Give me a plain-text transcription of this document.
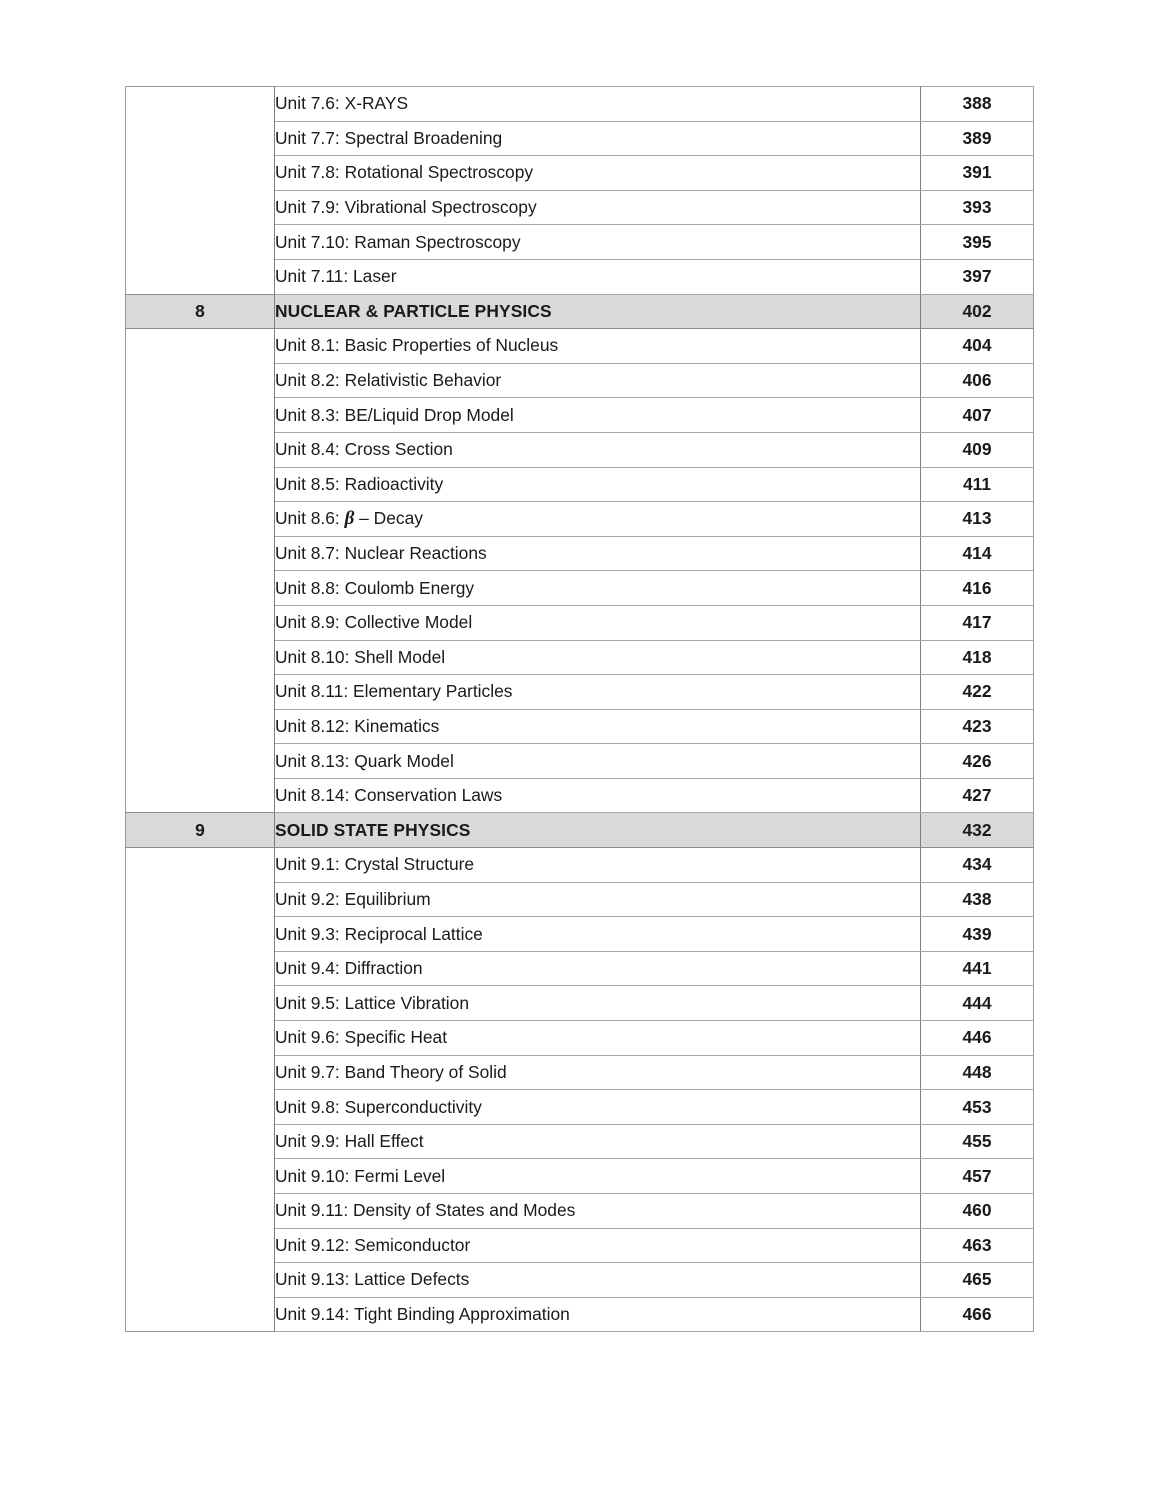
	Unit 7.6: X-RAYS	388
	Unit 7.7: Spectral Broadening	389
	Unit 7.8: Rotational Spectroscopy	391
	Unit 7.9: Vibrational Spectroscopy	393
	Unit 7.10: Raman Spectroscopy	395
	Unit 7.11: Laser	397
8	NUCLEAR & PARTICLE PHYSICS	402
	Unit 8.1: Basic Properties of Nucleus	404
	Unit 8.2: Relativistic Behavior	406
	Unit 8.3: BE/Liquid Drop Model	407
	Unit 8.4: Cross Section	409
	Unit 8.5: Radioactivity	411
	Unit 8.6: β – Decay	413
	Unit 8.7: Nuclear Reactions	414
	Unit 8.8: Coulomb Energy	416
	Unit 8.9: Collective Model	417
	Unit 8.10: Shell Model	418
	Unit 8.11: Elementary Particles	422
	Unit 8.12: Kinematics	423
	Unit 8.13: Quark Model	426
	Unit 8.14: Conservation Laws	427
9	SOLID STATE PHYSICS	432
	Unit 9.1: Crystal Structure	434
	Unit 9.2: Equilibrium	438
	Unit 9.3: Reciprocal Lattice	439
	Unit 9.4: Diffraction	441
	Unit 9.5: Lattice Vibration	444
	Unit 9.6: Specific Heat	446
	Unit 9.7: Band Theory of Solid	448
	Unit 9.8: Superconductivity	453
	Unit 9.9: Hall Effect	455
	Unit 9.10: Fermi Level	457
	Unit 9.11: Density of States and Modes	460
	Unit 9.12: Semiconductor	463
	Unit 9.13: Lattice Defects	465
	Unit 9.14: Tight Binding Approximation	466
